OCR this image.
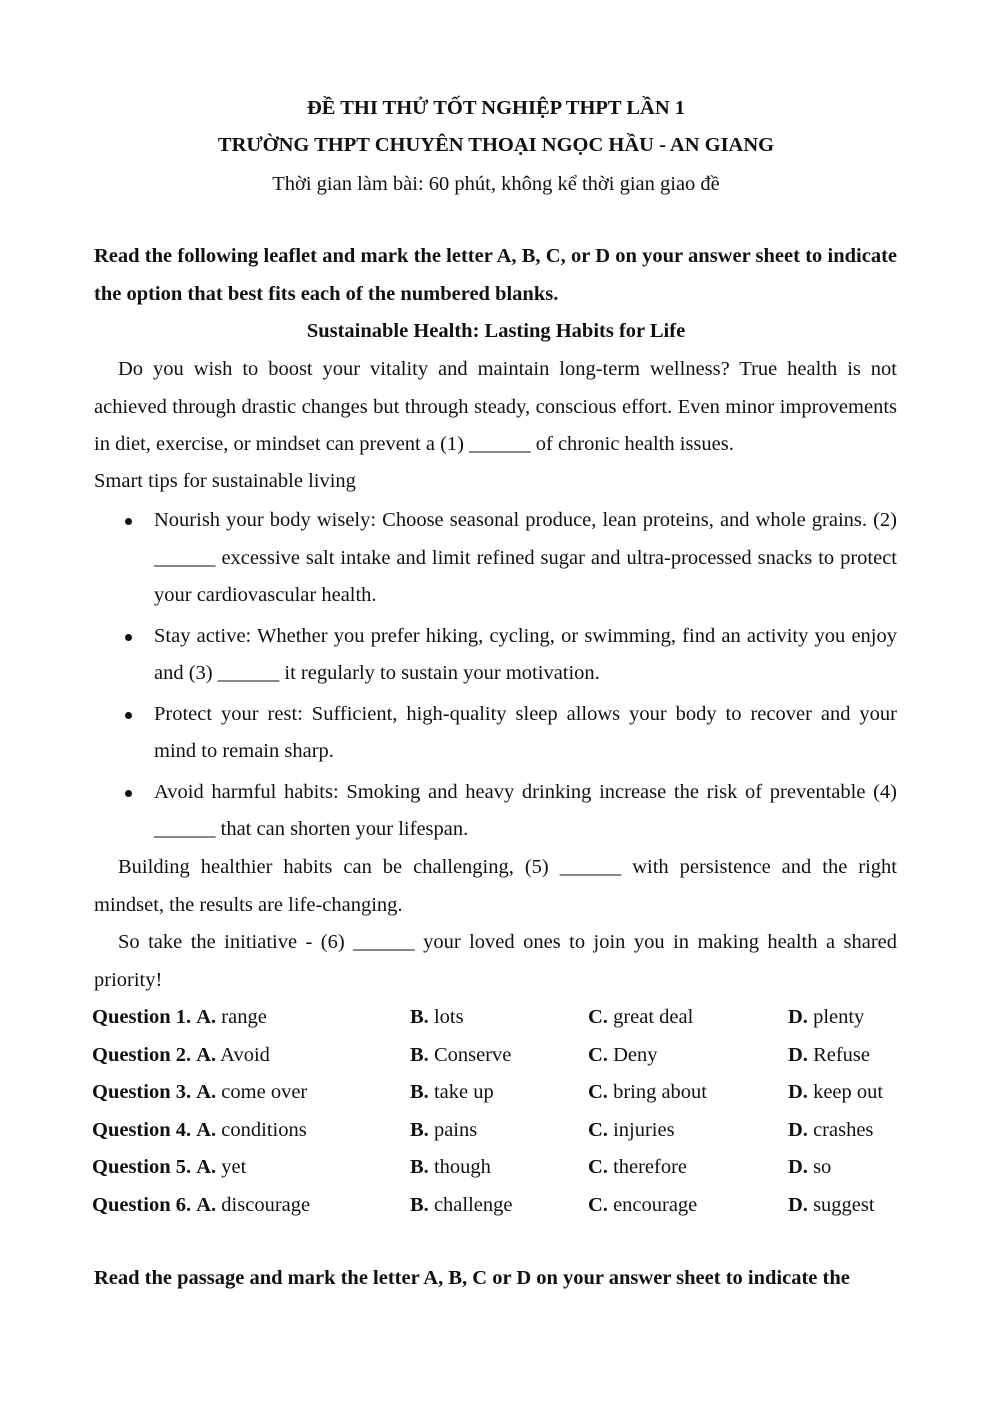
ĐỀ THI THỬ TỐT NGHIỆP THPT LẦN 1
TRƯỜNG THPT CHUYÊN THOẠI NGỌC HẦU - AN GIANG
Thời gian làm bài: 60 phút, không kể thời gian giao đề
Read the following leaflet and mark the letter A, B, C, or D on your answer sheet to indicate the option that best fits each of the numbered blanks.
Sustainable Health: Lasting Habits for Life
Do you wish to boost your vitality and maintain long-term wellness? True health is not achieved through drastic changes but through steady, conscious effort. Even minor improvements in diet, exercise, or mindset can prevent a (1) ______ of chronic health issues.
Smart tips for sustainable living
Nourish your body wisely: Choose seasonal produce, lean proteins, and whole grains. (2) ______ excessive salt intake and limit refined sugar and ultra-processed snacks to protect your cardiovascular health.
Stay active: Whether you prefer hiking, cycling, or swimming, find an activity you enjoy and (3) ______ it regularly to sustain your motivation.
Protect your rest: Sufficient, high-quality sleep allows your body to recover and your mind to remain sharp.
Avoid harmful habits: Smoking and heavy drinking increase the risk of preventable (4) ______ that can shorten your lifespan.
Building healthier habits can be challenging, (5) ______ with persistence and the right mindset, the results are life-changing.
So take the initiative - (6) ______ your loved ones to join you in making health a shared priority!
Question 1. A. range	B. lots	C. great deal	D. plenty
Question 2. A. Avoid	B. Conserve	C. Deny	D. Refuse
Question 3. A. come over	B. take up	C. bring about	D. keep out
Question 4. A. conditions	B. pains	C. injuries	D. crashes
Question 5. A. yet	B. though	C. therefore	D. so
Question 6. A. discourage	B. challenge	C. encourage	D. suggest
Read the passage and mark the letter A, B, C or D on your answer sheet to indicate the
